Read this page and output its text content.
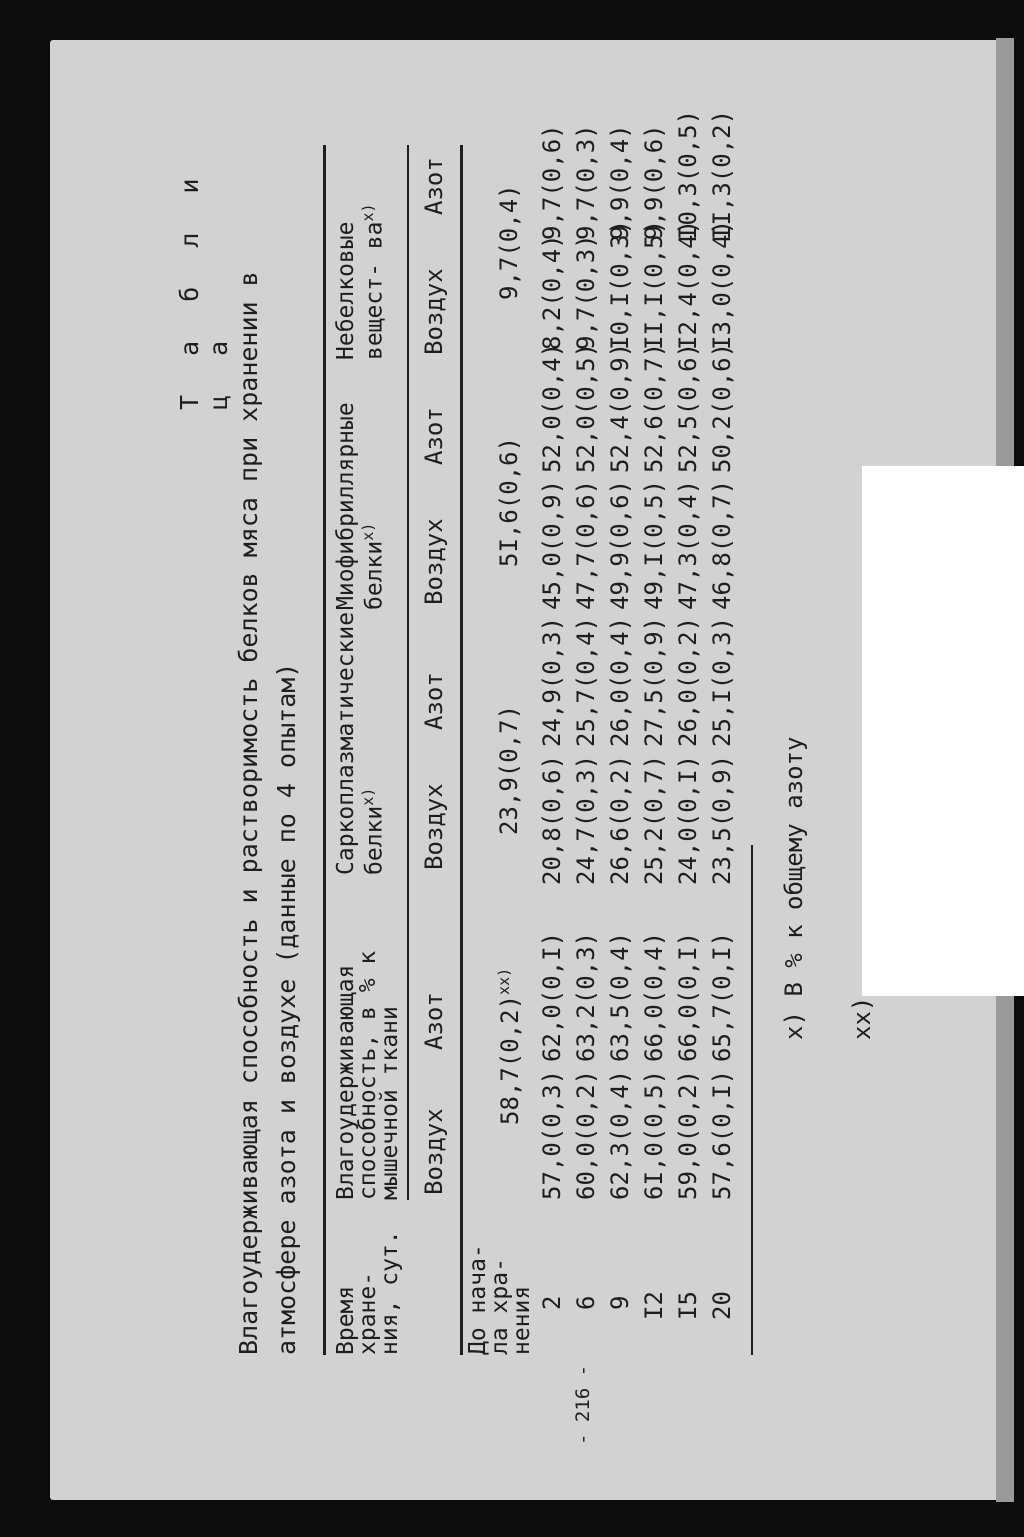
Т а б л и ц а Влагоудерживающая способность и растворимость белков мяса при хранении в атмосфере азота и воздухе (данные по 4 опытам) Время хране- ния, сут.
Влагоудерживающая способность, в % к мышечной ткани
Саркоплазматические белки$^{x)}$
Миофибриллярные белки$^{x)}$
Небелковые вещест- $ва^{x)}$
Воздух
Азот
Воздух
Азот
Воздух
Азот
Воздух
Азот
До нача- ла хра- нения
$58,7(0,2)^{xx)}$
23,9(0,7)
5I,6(0,6)
9,7(0,4)
2
57,0(0,3)
62,0(0,I)
20,8(0,6)
24,9(0,3)
45,0(0,9)
52,0(0,4)
8,2(0,4)
9,7(0,6)
6
60,0(0,2)
63,2(0,3)
24,7(0,3)
25,7(0,4)
47,7(0,6)
52,0(0,5)
9,7(0,3)
9,7(0,3)
9
62,3(0,4)
63,5(0,4)
26,6(0,2)
26,0(0,4)
49,9(0,6)
52,4(0,9)
I0,I(0,3)
9,9(0,4)
I2
6I,0(0,5)
66,0(0,4)
25,2(0,7)
27,5(0,9)
49,I(0,5)
52,6(0,7)
II,I(0,5)
9,9(0,6)
I5
59,0(0,2)
66,0(0,I)
24,0(0,I)
26,0(0,2)
47,3(0,4)
52,5(0,6)
I2,4(0,4)
I0,3(0,5)
20
57,6(0,I)
65,7(0,I)
23,5(0,9)
25,I(0,3)
46,8(0,7)
50,2(0,6)
I3,0(0,4)
II,3(0,2)
x) В % к общему азоту
xx)
- 216 -
